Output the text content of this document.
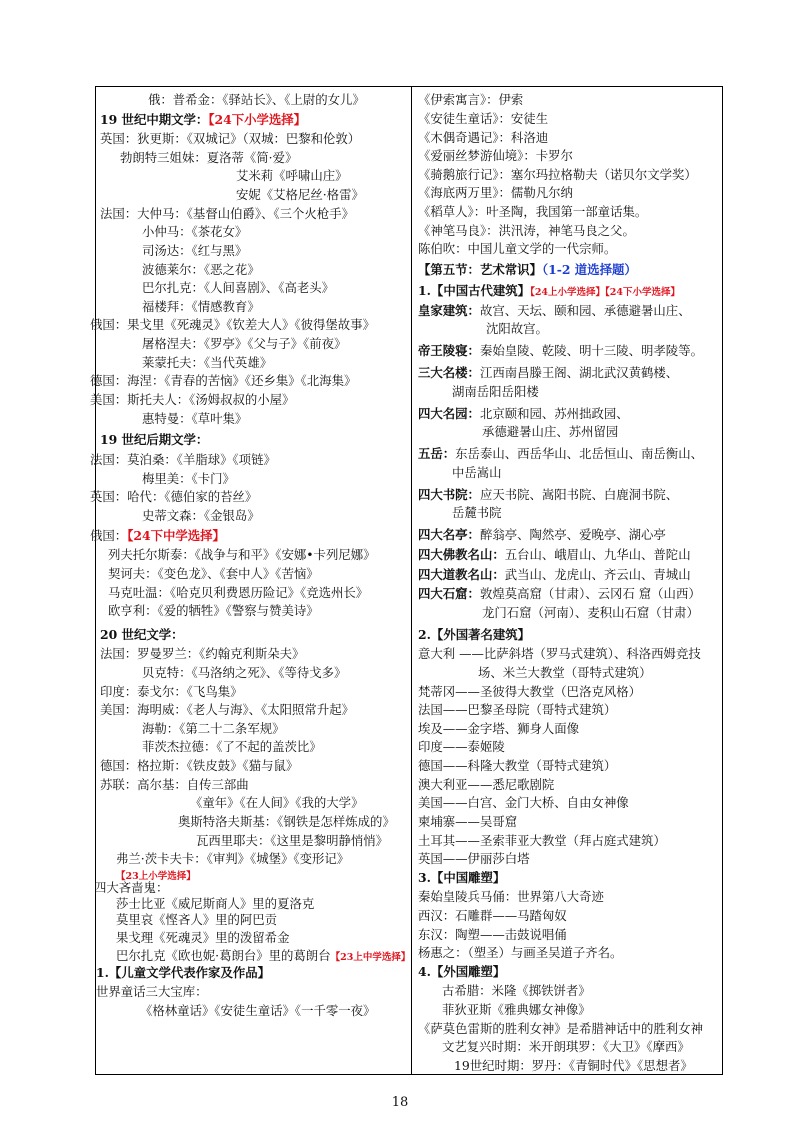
俄：普希金：《驿站长》、《上尉的女儿》
19 世纪中期文学：【24下小学选择】
英国：狄更斯：《双城记》（双城：巴黎和伦敦）
勃朗特三姐妹：夏洛蒂《简·爱》
艾米莉《呼啸山庄》
安妮《艾格尼丝·格雷》
法国：大仲马：《基督山伯爵》、《三个火枪手》
小仲马：《茶花女》
司汤达：《红与黑》
波德莱尔：《恶之花》
巴尔扎克：《人间喜剧》、《高老头》
福楼拜：《情感教育》
俄国：果戈里《死魂灵》《钦差大人》《彼得堡故事》
屠格涅夫：《罗亭》《父与子》《前夜》
莱蒙托夫：《当代英雄》
德国：海涅：《青春的苦恼》《还乡集》《北海集》
美国：斯托夫人：《汤姆叔叔的小屋》
惠特曼：《草叶集》
19 世纪后期文学：
法国：莫泊桑：《羊脂球》《项链》
梅里美：《卡门》
英国：哈代：《德伯家的苔丝》
史蒂文森：《金银岛》
俄国：【24下中学选择】
列夫托尔斯泰：《战争与和平》《安娜•卡列尼娜》
契诃夫：《变色龙》、《套中人》《苦恼》
马克吐温：《哈克贝利费恩历险记》《竞选州长》
欧亨利：《爱的牺牲》《警察与赞美诗》
20 世纪文学：
法国：罗曼罗兰：《约翰克利斯朵夫》
贝克特：《马洛纳之死》、《等待戈多》
印度：泰戈尔：《飞鸟集》
美国：海明威：《老人与海》、《太阳照常升起》
海勒：《第二十二条军规》
菲茨杰拉德：《了不起的盖茨比》
德国：格拉斯：《铁皮鼓》《猫与鼠》
苏联：高尔基：自传三部曲
《童年》《在人间》《我的大学》
奥斯特洛夫斯基：《钢铁是怎样炼成的》
瓦西里耶夫：《这里是黎明静悄悄》
弗兰·茨卡夫卡：《审判》《城堡》《变形记》
【23上小学选择】
四大吝啬鬼：
莎士比亚《威尼斯商人》里的夏洛克
莫里哀《悭吝人》里的阿巴贡
果戈理《死魂灵》里的泼留希金
巴尔扎克《欧也妮·葛朗台》里的葛朗台【23上中学选择】
1.【儿童文学代表作家及作品】
世界童话三大宝库：
《格林童话》《安徒生童话》《一千零一夜》
《伊索寓言》：伊索
《安徒生童话》：安徒生
《木偶奇遇记》：科洛迪
《爱丽丝梦游仙境》：卡罗尔
《骑鹅旅行记》：塞尔玛拉格勒夫（诺贝尔文学奖）
《海底两万里》：儒勒凡尔纳
《稻草人》：叶圣陶，我国第一部童话集。
《神笔马良》：洪汛涛，神笔马良之父。
陈伯吹：中国儿童文学的一代宗师。
【第五节：艺术常识】（1-2 道选择题）
1.【中国古代建筑】【24上小学选择】【24下小学选择】
皇家建筑：故宫、天坛、颐和园、承德避暑山庄、
沈阳故宫。
帝王陵寝：秦始皇陵、乾陵、明十三陵、明孝陵等。
三大名楼：江西南昌滕王阁、湖北武汉黄鹤楼、
湖南岳阳岳阳楼
四大名园：北京颐和园、苏州拙政园、
承德避暑山庄、苏州留园
五岳：东岳泰山、西岳华山、北岳恒山、南岳衡山、
中岳嵩山
四大书院：应天书院、嵩阳书院、白鹿洞书院、
岳麓书院
四大名亭：醉翁亭、陶然亭、爱晚亭、湖心亭
四大佛教名山：五台山、峨眉山、九华山、普陀山
四大道教名山：武当山、龙虎山、齐云山、青城山
四大石窟：敦煌莫高窟（甘肃）、云冈石 窟（山西）
龙门石窟（河南）、麦积山石窟（甘肃）
2.【外国著名建筑】
意大利 ——比萨斜塔（罗马式建筑）、科洛西姆竞技
场、米兰大教堂（哥特式建筑）
梵蒂冈——圣彼得大教堂（巴洛克风格）
法国——巴黎圣母院（哥特式建筑）
埃及——金字塔、狮身人面像
印度——泰姬陵
德国——科隆大教堂（哥特式建筑）
澳大利亚——悉尼歌剧院
美国——白宫、金门大桥、自由女神像
柬埔寨——吴哥窟
土耳其——圣索菲亚大教堂（拜占庭式建筑）
英国——伊丽莎白塔
3.【中国雕塑】
秦始皇陵兵马俑：世界第八大奇迹
西汉：石雕群——马踏匈奴
东汉：陶塑——击鼓说唱俑
杨惠之：（塑圣）与画圣吴道子齐名。
4.【外国雕塑】
古希腊：米隆《掷铁饼者》
菲狄亚斯《雅典娜女神像》
《萨莫色雷斯的胜利女神》是希腊神话中的胜利女神
文艺复兴时期：米开朗琪罗：《大卫》《摩西》
19世纪时期：罗丹：《青铜时代》《思想者》
18
